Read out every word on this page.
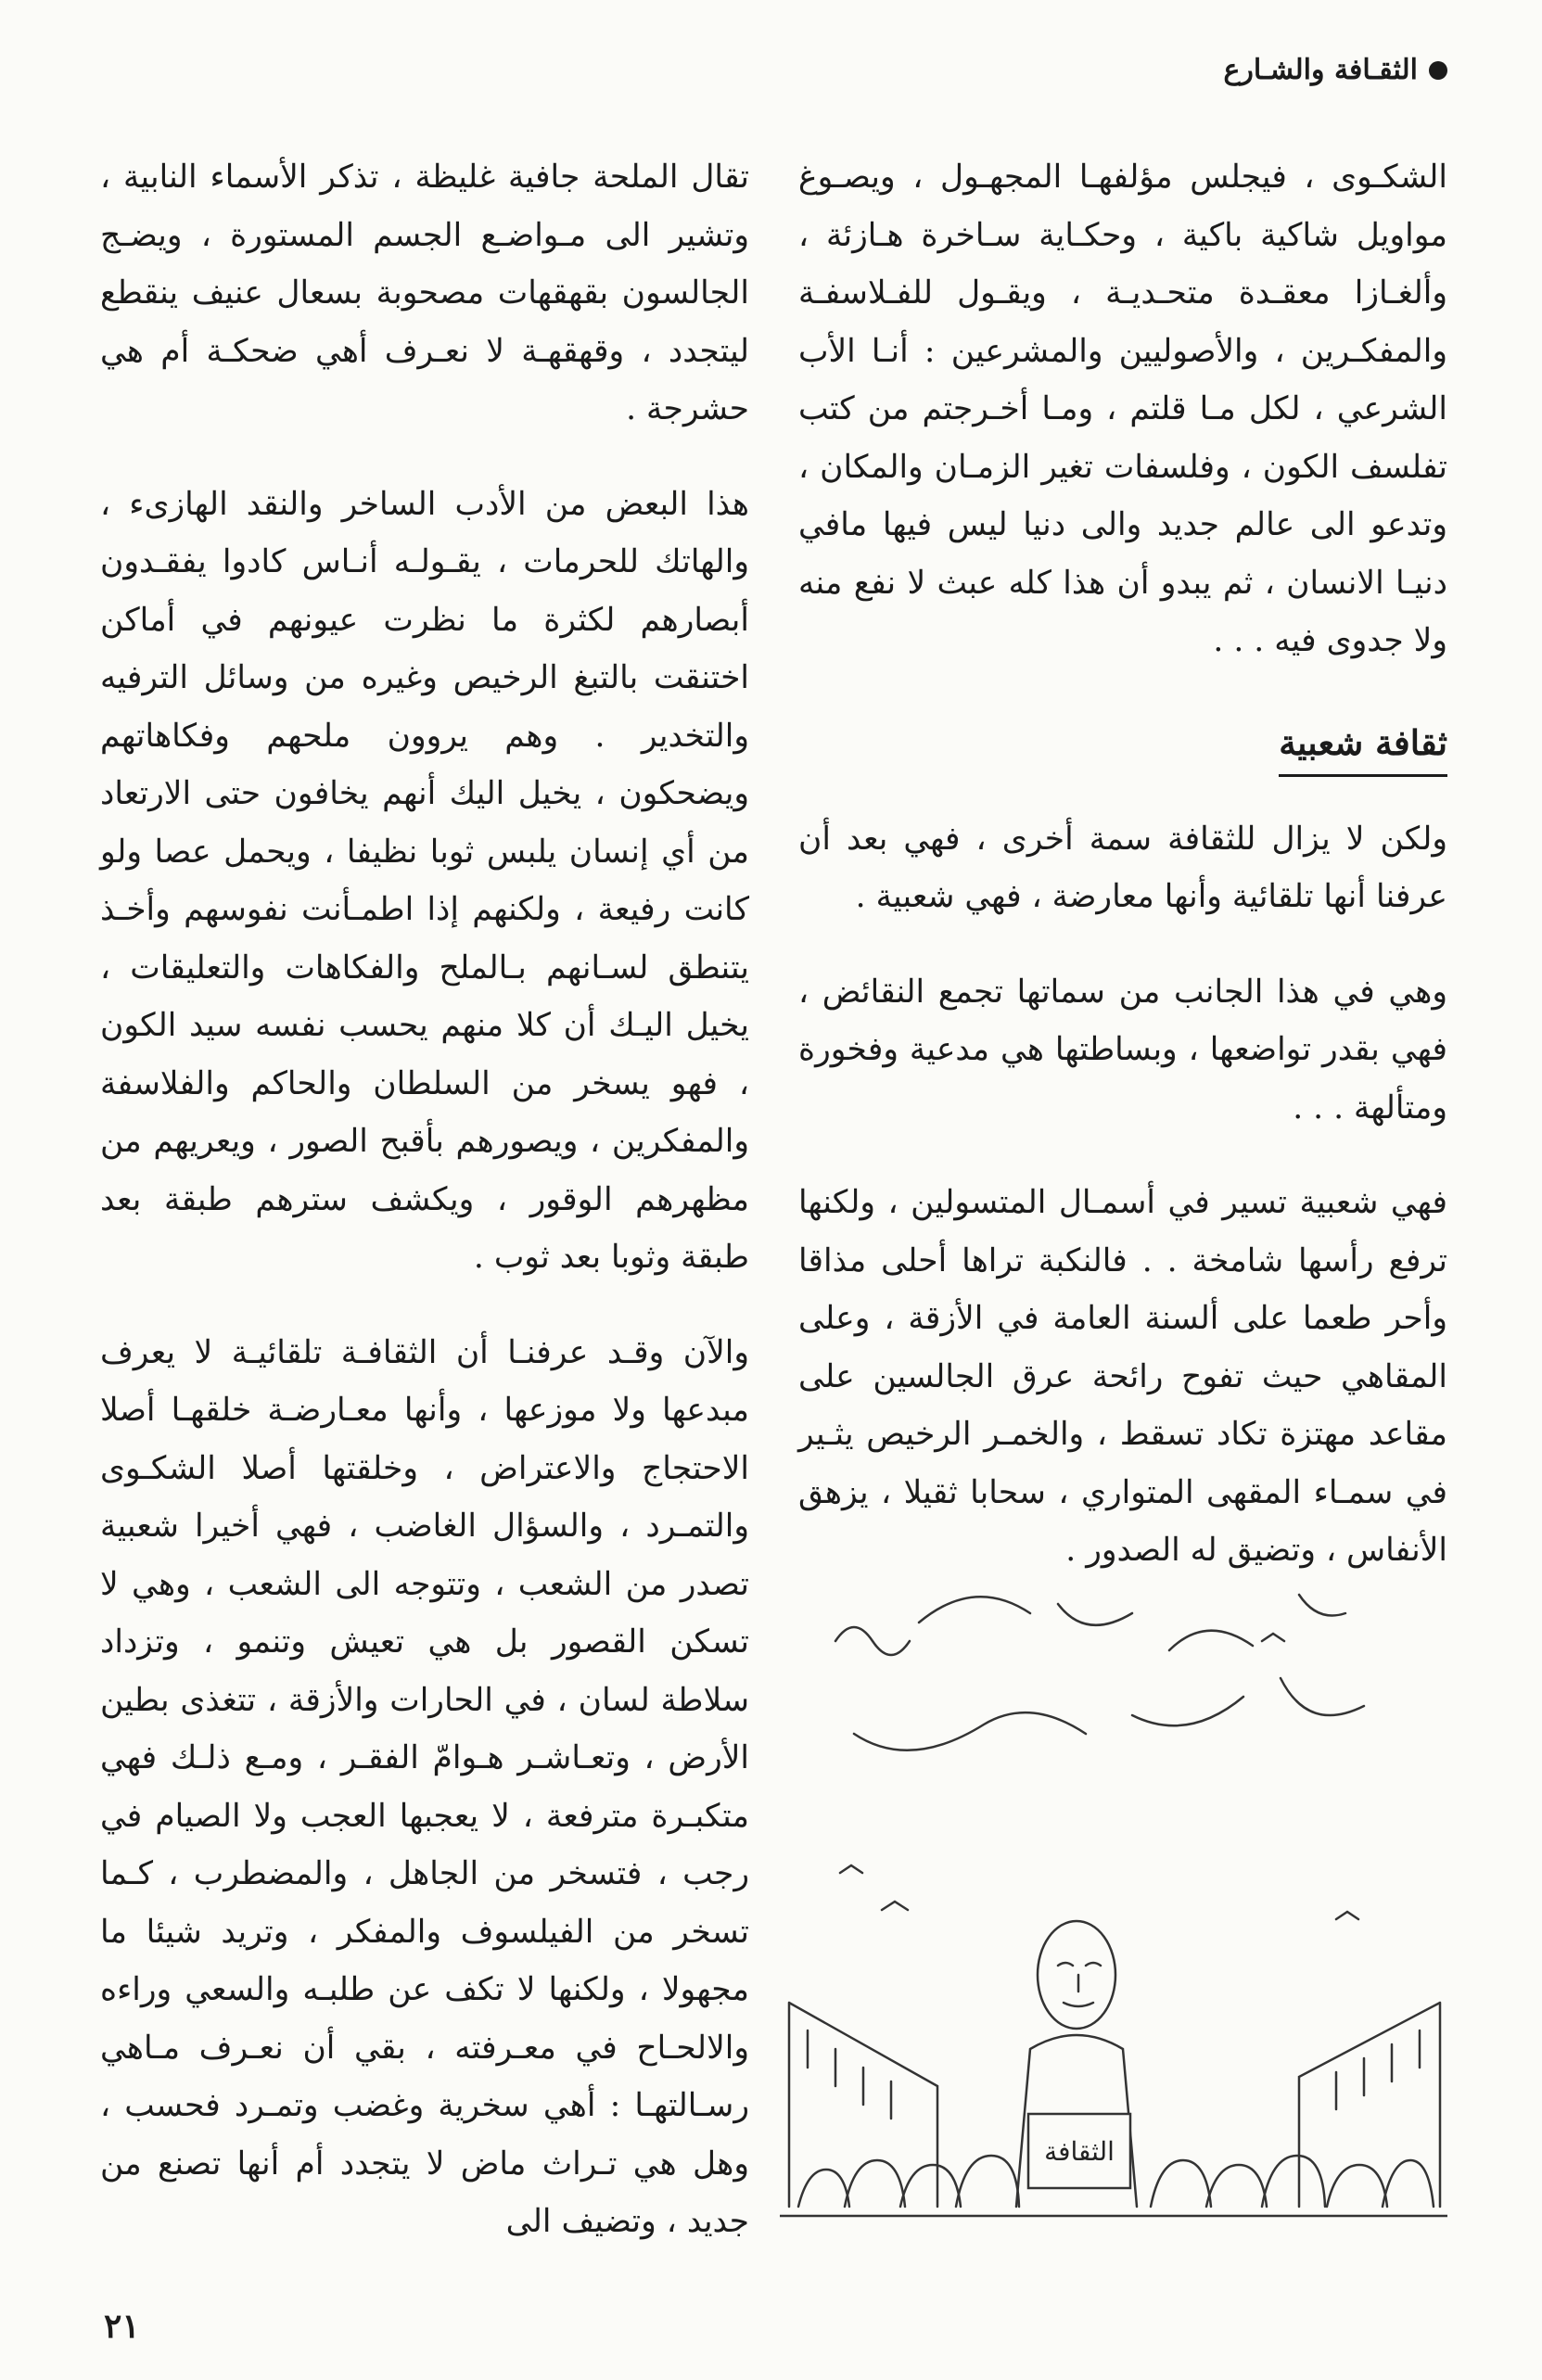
الثقـافة والشـارع

الشكـوى ، فيجلس مؤلفهـا المجهـول ، ويصـوغ مواويل شاكية باكية ، وحكـاية سـاخرة هـازئة ، وألغـازا معقـدة متحـديـة ، ويقـول للفـلاسفـة والمفكـرين ، والأصوليين والمشرعين : أنـا الأب الشرعي ، لكل مـا قلتم ، ومـا أخـرجتم من كتب تفلسف الكون ، وفلسفات تغير الزمـان والمكان ، وتدعو الى عالم جديد والى دنيا ليس فيها مافي دنيـا الانسان ، ثم يبدو أن هذا كله عبث لا نفع منه ولا جدوى فيه . . .

ثقافة شعبية

ولكن لا يزال للثقافة سمة أخرى ، فهي بعد أن عرفنا أنها تلقائية وأنها معارضة ، فهي شعبية .

وهي في هذا الجانب من سماتها تجمع النقائض ، فهي بقدر تواضعها ، وبساطتها هي مدعية وفخورة ومتألهة . . .

فهي شعبية تسير في أسمـال المتسولين ، ولكنها ترفع رأسها شامخة . . فالنكبة تراها أحلى مذاقا وأحر طعما على ألسنة العامة في الأزقة ، وعلى المقاهي حيث تفوح رائحة عرق الجالسين على مقاعد مهتزة تكاد تسقط ، والخمـر الرخيص يثـير في سمـاء المقهى المتواري ، سحابا ثقيلا ، يزهق الأنفاس ، وتضيق له الصدور .

تقال الملحة جافية غليظة ، تذكر الأسماء النابية ، وتشير الى مـواضـع الجسم المستورة ، ويضـج الجالسون بقهقهات مصحوبة بسعال عنيف ينقطع ليتجدد ، وقهقهـة لا نعـرف أهي ضحكـة أم هي حشرجة .

هذا البعض من الأدب الساخر والنقد الهازىء ، والهاتك للحرمات ، يقـولـه أنـاس كادوا يفقـدون أبصارهم لكثرة ما نظرت عيونهم في أماكن اختنقت بالتبغ الرخيص وغيره من وسائل الترفيه والتخدير . وهم يروون ملحهم وفكاهاتهم ويضحكون ، يخيل اليك أنهم يخافون حتى الارتعاد من أي إنسان يلبس ثوبا نظيفا ، ويحمل عصا ولو كانت رفيعة ، ولكنهم إذا اطمـأنت نفوسهم وأخـذ يتنطق لسـانهم بـالملح والفكاهات والتعليقات ، يخيل اليـك أن كلا منهم يحسب نفسه سيد الكون ، فهو يسخر من السلطان والحاكم والفلاسفة والمفكرين ، ويصورهم بأقبح الصور ، ويعريهم من مظهرهم الوقور ، ويكشف سترهم طبقة بعد طبقة وثوبا بعد ثوب .

والآن وقـد عرفنـا أن الثقافـة تلقائيـة لا يعرف مبدعها ولا موزعها ، وأنها معـارضـة خلقهـا أصلا الاحتجاج والاعتراض ، وخلقتها أصلا الشكـوى والتمـرد ، والسؤال الغاضب ، فهي أخيرا شعبية تصدر من الشعب ، وتتوجه الى الشعب ، وهي لا تسكن القصور بل هي تعيش وتنمو ، وتزداد سلاطة لسان ، في الحارات والأزقة ، تتغذى بطين الأرض ، وتعـاشـر هـوامّ الفقـر ، ومـع ذلـك فهي متكبـرة مترفعة ، لا يعجبها العجب ولا الصيام في رجب ، فتسخر من الجاهل ، والمضطرب ، كـما تسخر من الفيلسوف والمفكر ، وتريد شيئا ما مجهولا ، ولكنها لا تكف عن طلبـه والسعي وراءه والالحـاح في معـرفته ، بقي أن نعـرف مـاهي رسـالتهـا : أهي سخرية وغضب وتمـرد فحسب ، وهل هي تـراث ماض لا يتجدد أم أنها تصنع من جديد ، وتضيف الى

الثقافة
٢١
